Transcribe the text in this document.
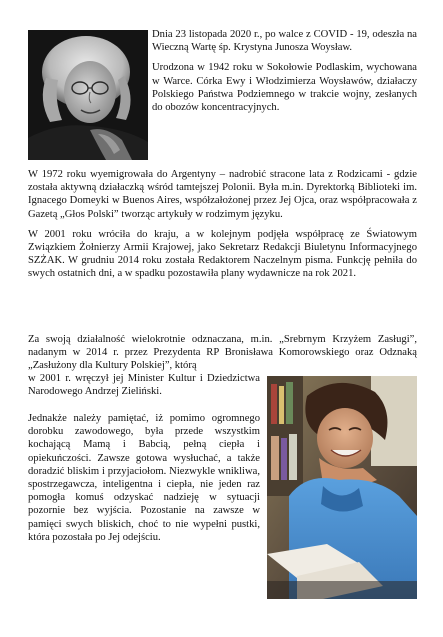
Dnia 23 listopada 2020 r., po walce z COVID - 19, odeszła na Wieczną Wartę śp. Krystyna Junosza Woysław.

Urodzona w 1942 roku w Sokołowie Podlaskim, wychowana w Warce. Córka Ewy i Włodzimierza Woysławów, działaczy Polskiego Państwa Podziemnego w trakcie wojny, zesłanych do obozów koncentracyjnych.

W 1972 roku wyemigrowała do Argentyny – nadrobić stracone lata z Rodzicami - gdzie została aktywną działaczką wśród tamtejszej Polonii. Była m.in. Dyrektorką Biblioteki im. Ignacego Domeyki w Buenos Aires, współzałożonej przez Jej Ojca, oraz współpracowała z Gazetą „Głos Polski” tworząc artykuły w rodzimym języku.

W 2001 roku wróciła do kraju, a w kolejnym podjęła współpracę ze Światowym Związkiem Żołnierzy Armii Krajowej, jako Sekretarz Redakcji Biuletynu Informacyjnego SZŻAK. W grudniu 2014 roku została Redaktorem Naczelnym pisma. Funkcję pełniła do swych ostatnich dni, a w spadku pozostawiła plany wydawnicze na rok 2021.

Za swoją działalność wielokrotnie odznaczana, m.in. „Srebrnym Krzyżem Zasługi”, nadanym w 2014 r. przez Prezydenta RP Bronisława Komorowskiego oraz Odznaką „Zasłużony dla Kultury Polskiej”, którą

w 2001 r. wręczył jej Minister Kultur i Dziedzictwa Narodowego Andrzej Zieliński.

Jednakże należy pamiętać, iż pomimo ogromnego dorobku zawodowego, była przede wszystkim kochającą Mamą i Babcią, pełną ciepła i opiekuńczości. Zawsze gotowa wysłuchać, a także doradzić bliskim i przyjaciołom. Niezwykle wnikliwa, spostrzegawcza, inteligentna i ciepła, nie jeden raz pomogła komuś odzyskać nadzieję w sytuacji pozornie bez wyjścia. Pozostanie na zawsze w pamięci swych bliskich, choć to nie wypełni pustki, która pozostała po Jej odejściu.
